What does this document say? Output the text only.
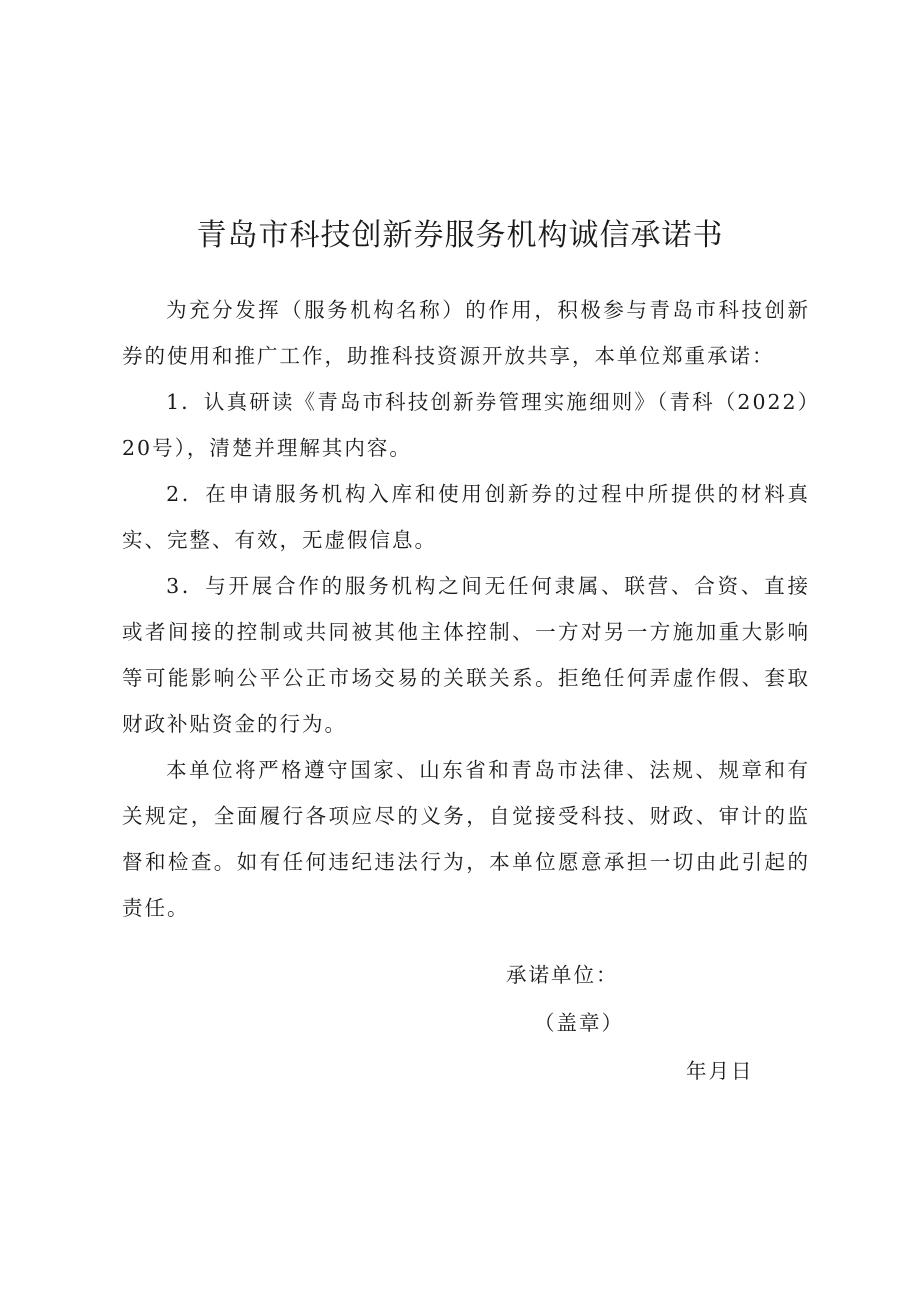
青岛市科技创新券服务机构诚信承诺书

为充分发挥（服务机构名称）的作用，积极参与青岛市科技创新券的使用和推广工作，助推科技资源开放共享，本单位郑重承诺：

1．认真研读《青岛市科技创新券管理实施细则》（青科（2022）20号），清楚并理解其内容。

2．在申请服务机构入库和使用创新券的过程中所提供的材料真实、完整、有效，无虚假信息。

3．与开展合作的服务机构之间无任何隶属、联营、合资、直接或者间接的控制或共同被其他主体控制、一方对另一方施加重大影响等可能影响公平公正市场交易的关联关系。拒绝任何弄虚作假、套取财政补贴资金的行为。

本单位将严格遵守国家、山东省和青岛市法律、法规、规章和有关规定，全面履行各项应尽的义务，自觉接受科技、财政、审计的监督和检查。如有任何违纪违法行为，本单位愿意承担一切由此引起的责任。

承诺单位：
（盖章）
年月日
